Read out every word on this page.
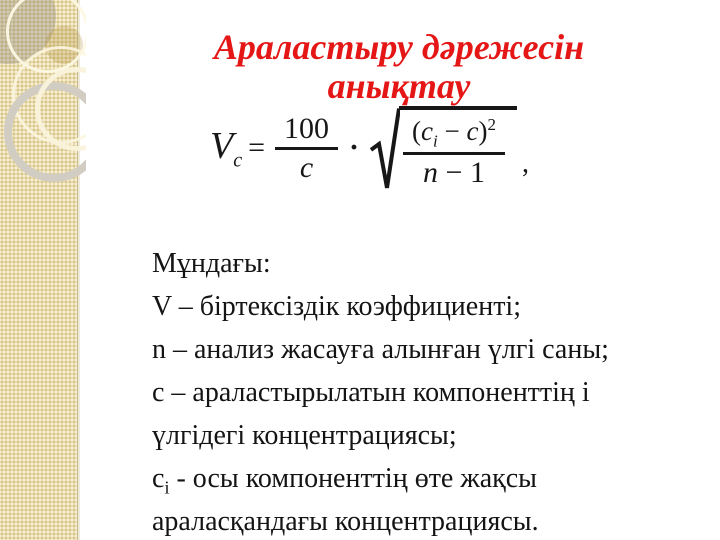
Араластыру дәрежесін
анықтау
$V_c = \frac{100}{c} \cdot \frac{(c_i - c)^2}{n - 1}$ ,
Мұндағы:
V – біртексіздік коэффициенті;
n – анализ жасауға алынған үлгі саны;
с – араластырылатын компоненттің і
үлгідегі концентрациясы;
$с_i$ - осы компоненттің өте жақсы
араласқандағы концентрациясы.
